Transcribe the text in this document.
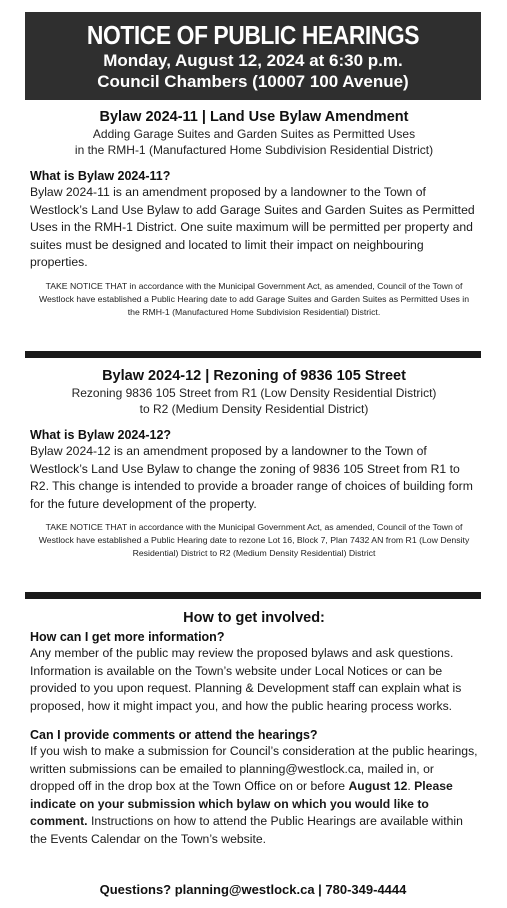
NOTICE OF PUBLIC HEARINGS
Monday, August 12, 2024 at 6:30 p.m.
Council Chambers (10007 100 Avenue)
Bylaw 2024-11 | Land Use Bylaw Amendment
Adding Garage Suites and Garden Suites as Permitted Uses
in the RMH-1 (Manufactured Home Subdivision Residential District)
What is Bylaw 2024-11?
Bylaw 2024-11 is an amendment proposed by a landowner to the Town of Westlock’s Land Use Bylaw to add Garage Suites and Garden Suites as Permitted Uses in the RMH-1 District. One suite maximum will be permitted per property and suites must be designed and located to limit their impact on neighbouring properties.
TAKE NOTICE THAT in accordance with the Municipal Government Act, as amended, Council of the Town of Westlock have established a Public Hearing date to add Garage Suites and Garden Suites as Permitted Uses in the RMH-1 (Manufactured Home Subdivision Residential) District.
Bylaw 2024-12 | Rezoning of 9836 105 Street
Rezoning 9836 105 Street from R1 (Low Density Residential District)
to R2 (Medium Density Residential District)
What is Bylaw 2024-12?
Bylaw 2024-12 is an amendment proposed by a landowner to the Town of Westlock’s Land Use Bylaw to change the zoning of 9836 105 Street from R1 to R2. This change is intended to provide a broader range of choices of building form for the future development of the property.
TAKE NOTICE THAT in accordance with the Municipal Government Act, as amended, Council of the Town of Westlock have established a Public Hearing date to rezone Lot 16, Block 7, Plan 7432 AN from R1 (Low Density Residential) District to R2 (Medium Density Residential) District
How to get involved:
How can I get more information?
Any member of the public may review the proposed bylaws and ask questions. Information is available on the Town’s website under Local Notices or can be provided to you upon request. Planning & Development staff can explain what is proposed, how it might impact you, and how the public hearing process works.
Can I provide comments or attend the hearings?
If you wish to make a submission for Council’s consideration at the public hearings, written submissions can be emailed to planning@westlock.ca, mailed in, or dropped off in the drop box at the Town Office on or before August 12. Please indicate on your submission which bylaw on which you would like to comment. Instructions on how to attend the Public Hearings are available within the Events Calendar on the Town’s website.
Questions? planning@westlock.ca | 780-349-4444
